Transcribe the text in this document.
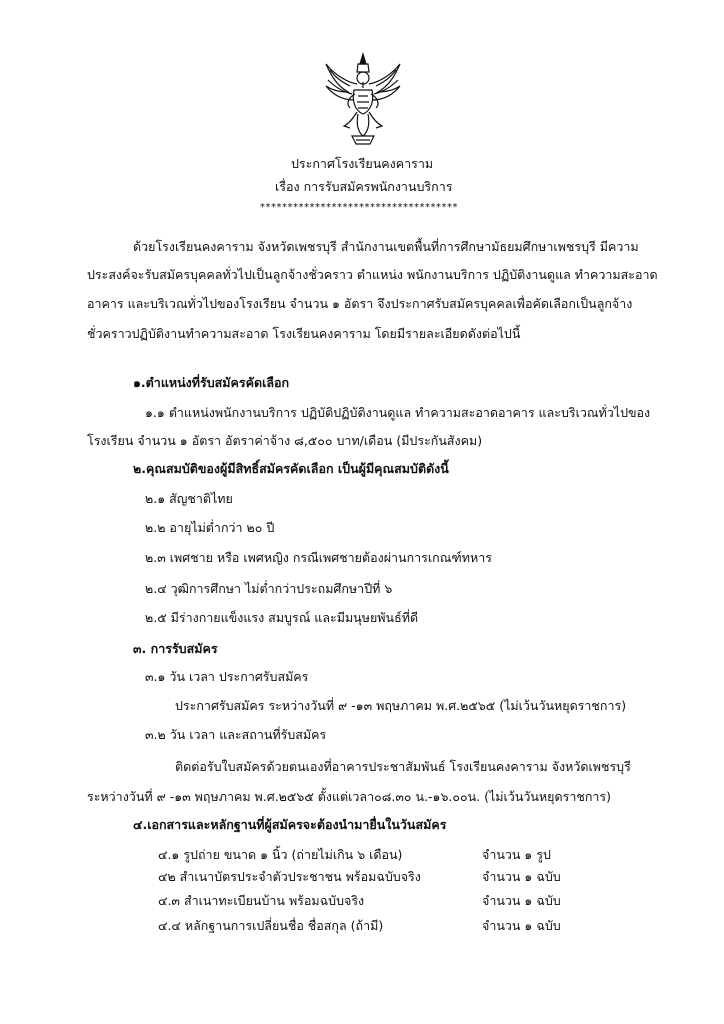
ประกาศโรงเรียนคงคาราม
เรื่อง การรับสมัครพนักงานบริการ
************************************
ด้วยโรงเรียนคงคาราม จังหวัดเพชรบุรี สำนักงานเขตพื้นที่การศึกษามัธยมศึกษาเพชรบุรี มีความ
ประสงค์จะรับสมัครบุคคลทั่วไปเป็นลูกจ้างชั่วคราว ตำแหน่ง พนักงานบริการ ปฏิบัติงานดูแล ทำความสะอาด
อาคาร และบริเวณทั่วไปของโรงเรียน จำนวน ๑ อัตรา จึงประกาศรับสมัครบุคคลเพื่อคัดเลือกเป็นลูกจ้าง
ชั่วคราวปฏิบัติงานทำความสะอาด โรงเรียนคงคาราม โดยมีรายละเอียดดังต่อไปนี้
๑.ตำแหน่งที่รับสมัครคัดเลือก
๑.๑ ตำแหน่งพนักงานบริการ ปฏิบัติปฏิบัติงานดูแล ทำความสะอาดอาคาร และบริเวณทั่วไปของ
โรงเรียน จำนวน ๑ อัตรา อัตราค่าจ้าง ๘,๕๐๐ บาท/เดือน (มีประกันสังคม)
๒.คุณสมบัติของผู้มีสิทธิ์สมัครคัดเลือก เป็นผู้มีคุณสมบัติดังนี้
๒.๑ สัญชาติไทย
๒.๒ อายุไม่ต่ำกว่า ๒๐ ปี
๒.๓ เพศชาย หรือ เพศหญิง กรณีเพศชายต้องผ่านการเกณฑ์ทหาร
๒.๔ วุฒิการศึกษา ไม่ต่ำกว่าประถมศึกษาปีที่ ๖
๒.๕ มีร่างกายแข็งแรง สมบูรณ์ และมีมนุษยพันธ์ที่ดี
๓. การรับสมัคร
๓.๑ วัน เวลา ประกาศรับสมัคร
ประกาศรับสมัคร ระหว่างวันที่ ๙ -๑๓ พฤษภาคม พ.ศ.๒๕๖๕ (ไม่เว้นวันหยุดราชการ)
๓.๒ วัน เวลา และสถานที่รับสมัคร
ติดต่อรับใบสมัครด้วยตนเองที่อาคารประชาสัมพันธ์ โรงเรียนคงคาราม จังหวัดเพชรบุรี
ระหว่างวันที่ ๙ -๑๓ พฤษภาคม พ.ศ.๒๕๖๕ ตั้งแต่เวลา๐๘.๓๐ น.-๑๖.๐๐น. (ไม่เว้นวันหยุดราชการ)
๔.เอกสารและหลักฐานที่ผู้สมัครจะต้องนำมายื่นในวันสมัคร
๔.๑ รูปถ่าย ขนาด ๑ นิ้ว (ถ่ายไม่เกิน ๖ เดือน)	จำนวน ๑ รูป
๔๒ สำเนาบัตรประจำตัวประชาชน พร้อมฉบับจริง	จำนวน ๑ ฉบับ
๔.๓ สำเนาทะเบียนบ้าน พร้อมฉบับจริง	จำนวน ๑ ฉบับ
๔.๔ หลักฐานการเปลี่ยนชื่อ ชื่อสกุล (ถ้ามี)	จำนวน ๑ ฉบับ
